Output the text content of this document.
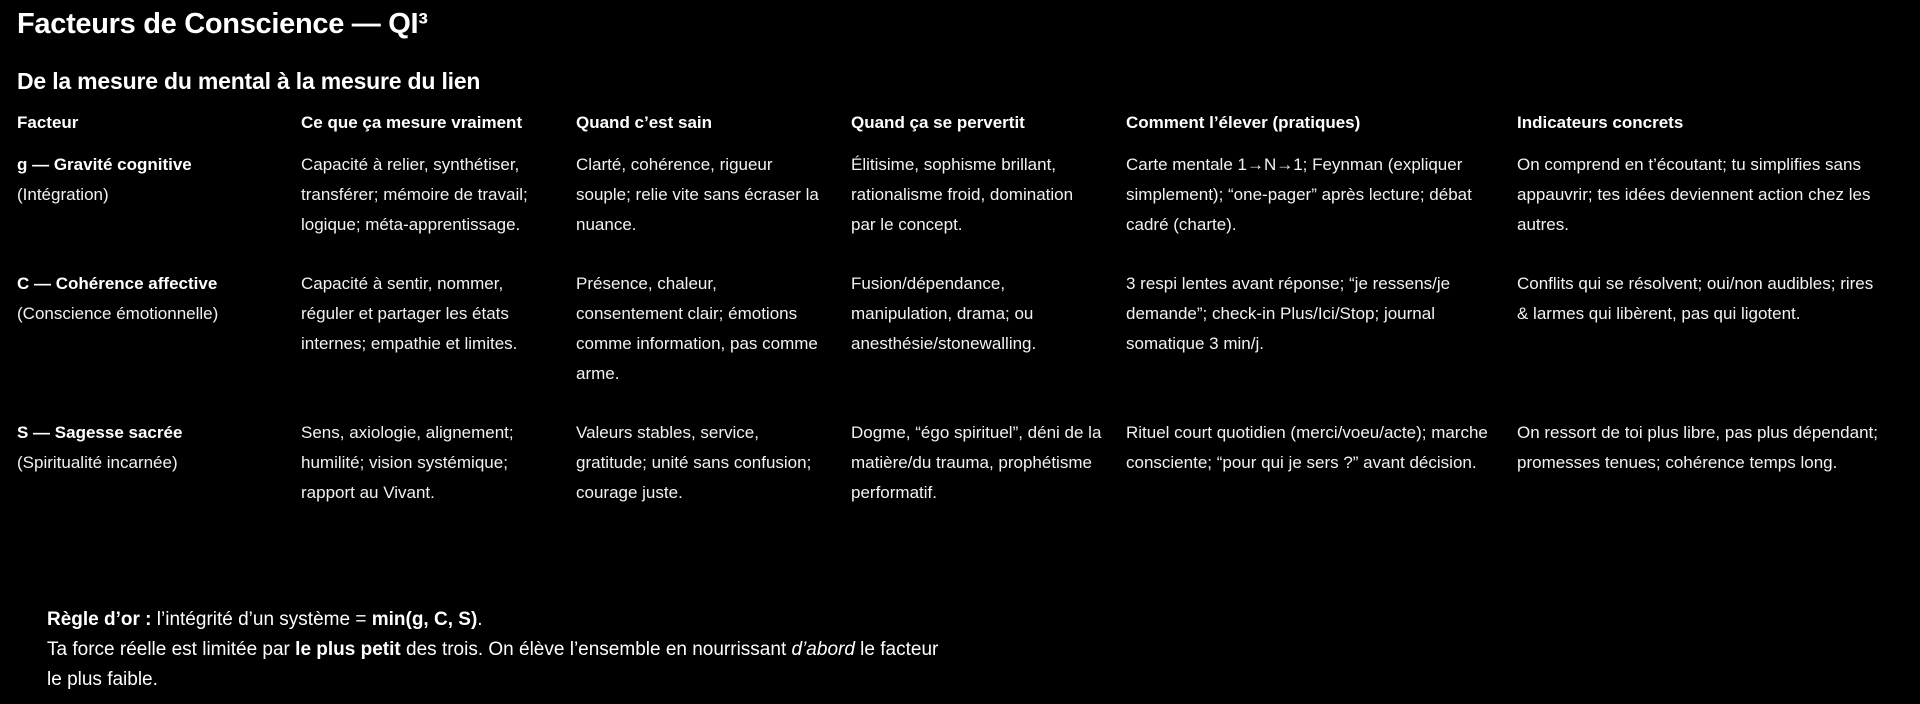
Facteurs de Conscience — QI³
De la mesure du mental à la mesure du lien
Facteur	Ce que ça mesure vraiment	Quand c’est sain	Quand ça se pervertit	Comment l’élever (pratiques)	Indicateurs concrets

g — Gravité cognitive
(Intégration)	Capacité à relier, synthétiser, transférer; mémoire de travail; logique; méta-apprentissage.	Clarté, cohérence, rigueur souple; relie vite sans écraser la nuance.	Élitisime, sophisme brillant, rationalisme froid, domination par le concept.	Carte mentale 1→N→1; Feynman (expliquer simplement); “one-pager” après lecture; débat cadré (charte).	On comprend en t’écoutant; tu simplifies sans appauvrir; tes idées deviennent action chez les autres.

C — Cohérence affective
(Conscience émotionnelle)	Capacité à sentir, nommer, réguler et partager les états internes; empathie et limites.	Présence, chaleur, consentement clair; émotions comme information, pas comme arme.	Fusion/dépendance, manipulation, drama; ou anesthésie/stonewalling.	3 respi lentes avant réponse; “je ressens/je demande”; check-in Plus/Ici/Stop; journal somatique 3 min/j.	Conflits qui se résolvent; oui/non audibles; rires & larmes qui libèrent, pas qui ligotent.

S — Sagesse sacrée
(Spiritualité incarnée)	Sens, axiologie, alignement; humilité; vision systémique; rapport au Vivant.	Valeurs stables, service, gratitude; unité sans confusion; courage juste.	Dogme, “égo spirituel”, déni de la matière/du trauma, prophétisme performatif.	Rituel court quotidien (merci/voeu/acte); marche consciente; “pour qui je sers ?” avant décision.	On ressort de toi plus libre, pas plus dépendant; promesses tenues; cohérence temps long.
Règle d’or : l’intégrité d’un système = min(g, C, S).
Ta force réelle est limitée par le plus petit des trois. On élève l’ensemble en nourrissant d’abord le facteur le plus faible.
